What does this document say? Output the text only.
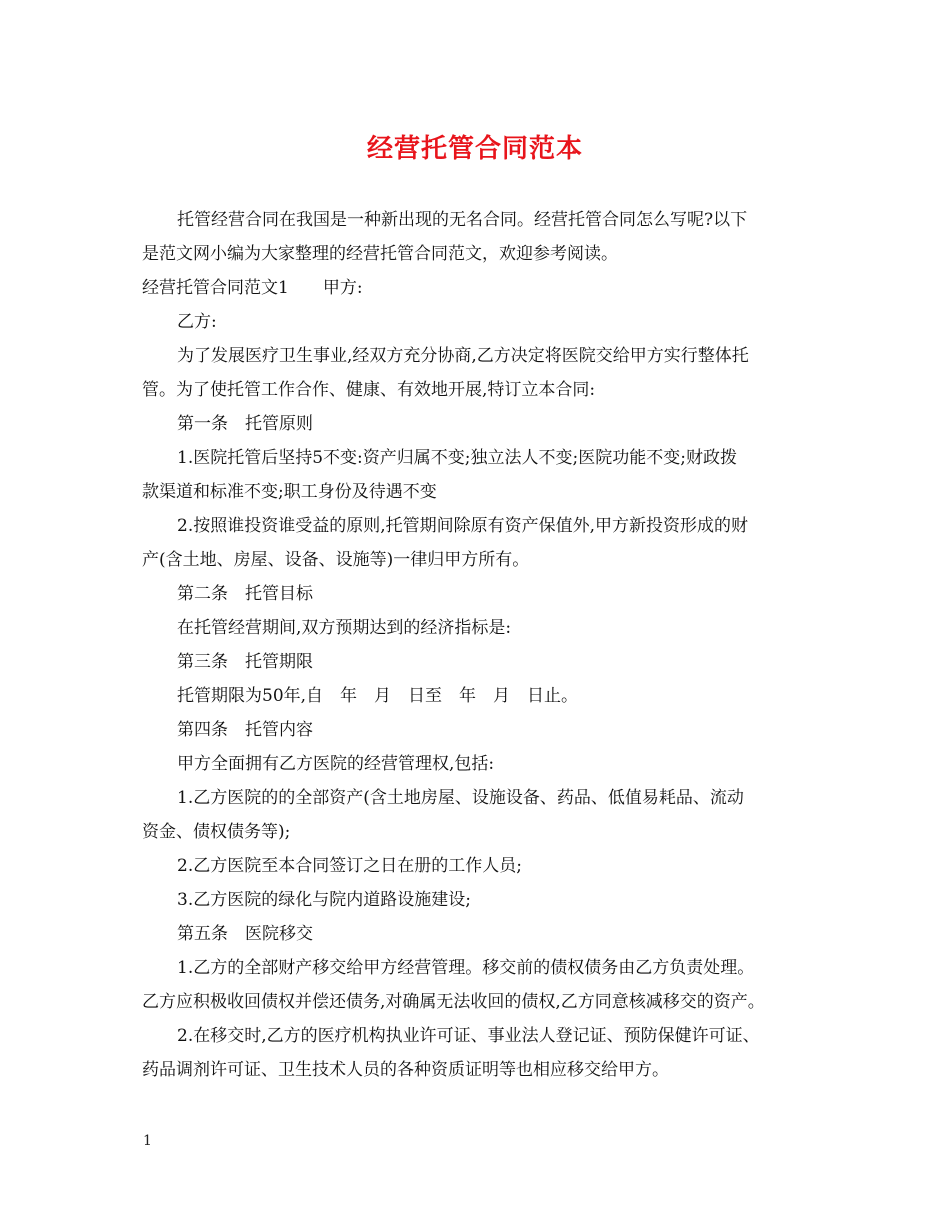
经营托管合同范本
托管经营合同在我国是一种新出现的无名合同。经营托管合同怎么写呢?以下
是范文网小编为大家整理的经营托管合同范文，欢迎参考阅读。
经营托管合同范文1　　甲方:
乙方:
为了发展医疗卫生事业,经双方充分协商,乙方决定将医院交给甲方实行整体托
管。为了使托管工作合作、健康、有效地开展,特订立本合同:
第一条　托管原则
1.医院托管后坚持5不变:资产归属不变;独立法人不变;医院功能不变;财政拨
款渠道和标准不变;职工身份及待遇不变
2.按照谁投资谁受益的原则,托管期间除原有资产保值外,甲方新投资形成的财
产(含土地、房屋、设备、设施等)一律归甲方所有。
第二条　托管目标
在托管经营期间,双方预期达到的经济指标是:
第三条　托管期限
托管期限为50年,自　年　月　日至　年　月　日止。
第四条　托管内容
甲方全面拥有乙方医院的经营管理权,包括:
1.乙方医院的的全部资产(含土地房屋、设施设备、药品、低值易耗品、流动
资金、债权债务等);
2.乙方医院至本合同签订之日在册的工作人员;
3.乙方医院的绿化与院内道路设施建设;
第五条　医院移交
1.乙方的全部财产移交给甲方经营管理。移交前的债权债务由乙方负责处理。
乙方应积极收回债权并偿还债务,对确属无法收回的债权,乙方同意核减移交的资产。
2.在移交时,乙方的医疗机构执业许可证、事业法人登记证、预防保健许可证、
药品调剂许可证、卫生技术人员的各种资质证明等也相应移交给甲方。
1
